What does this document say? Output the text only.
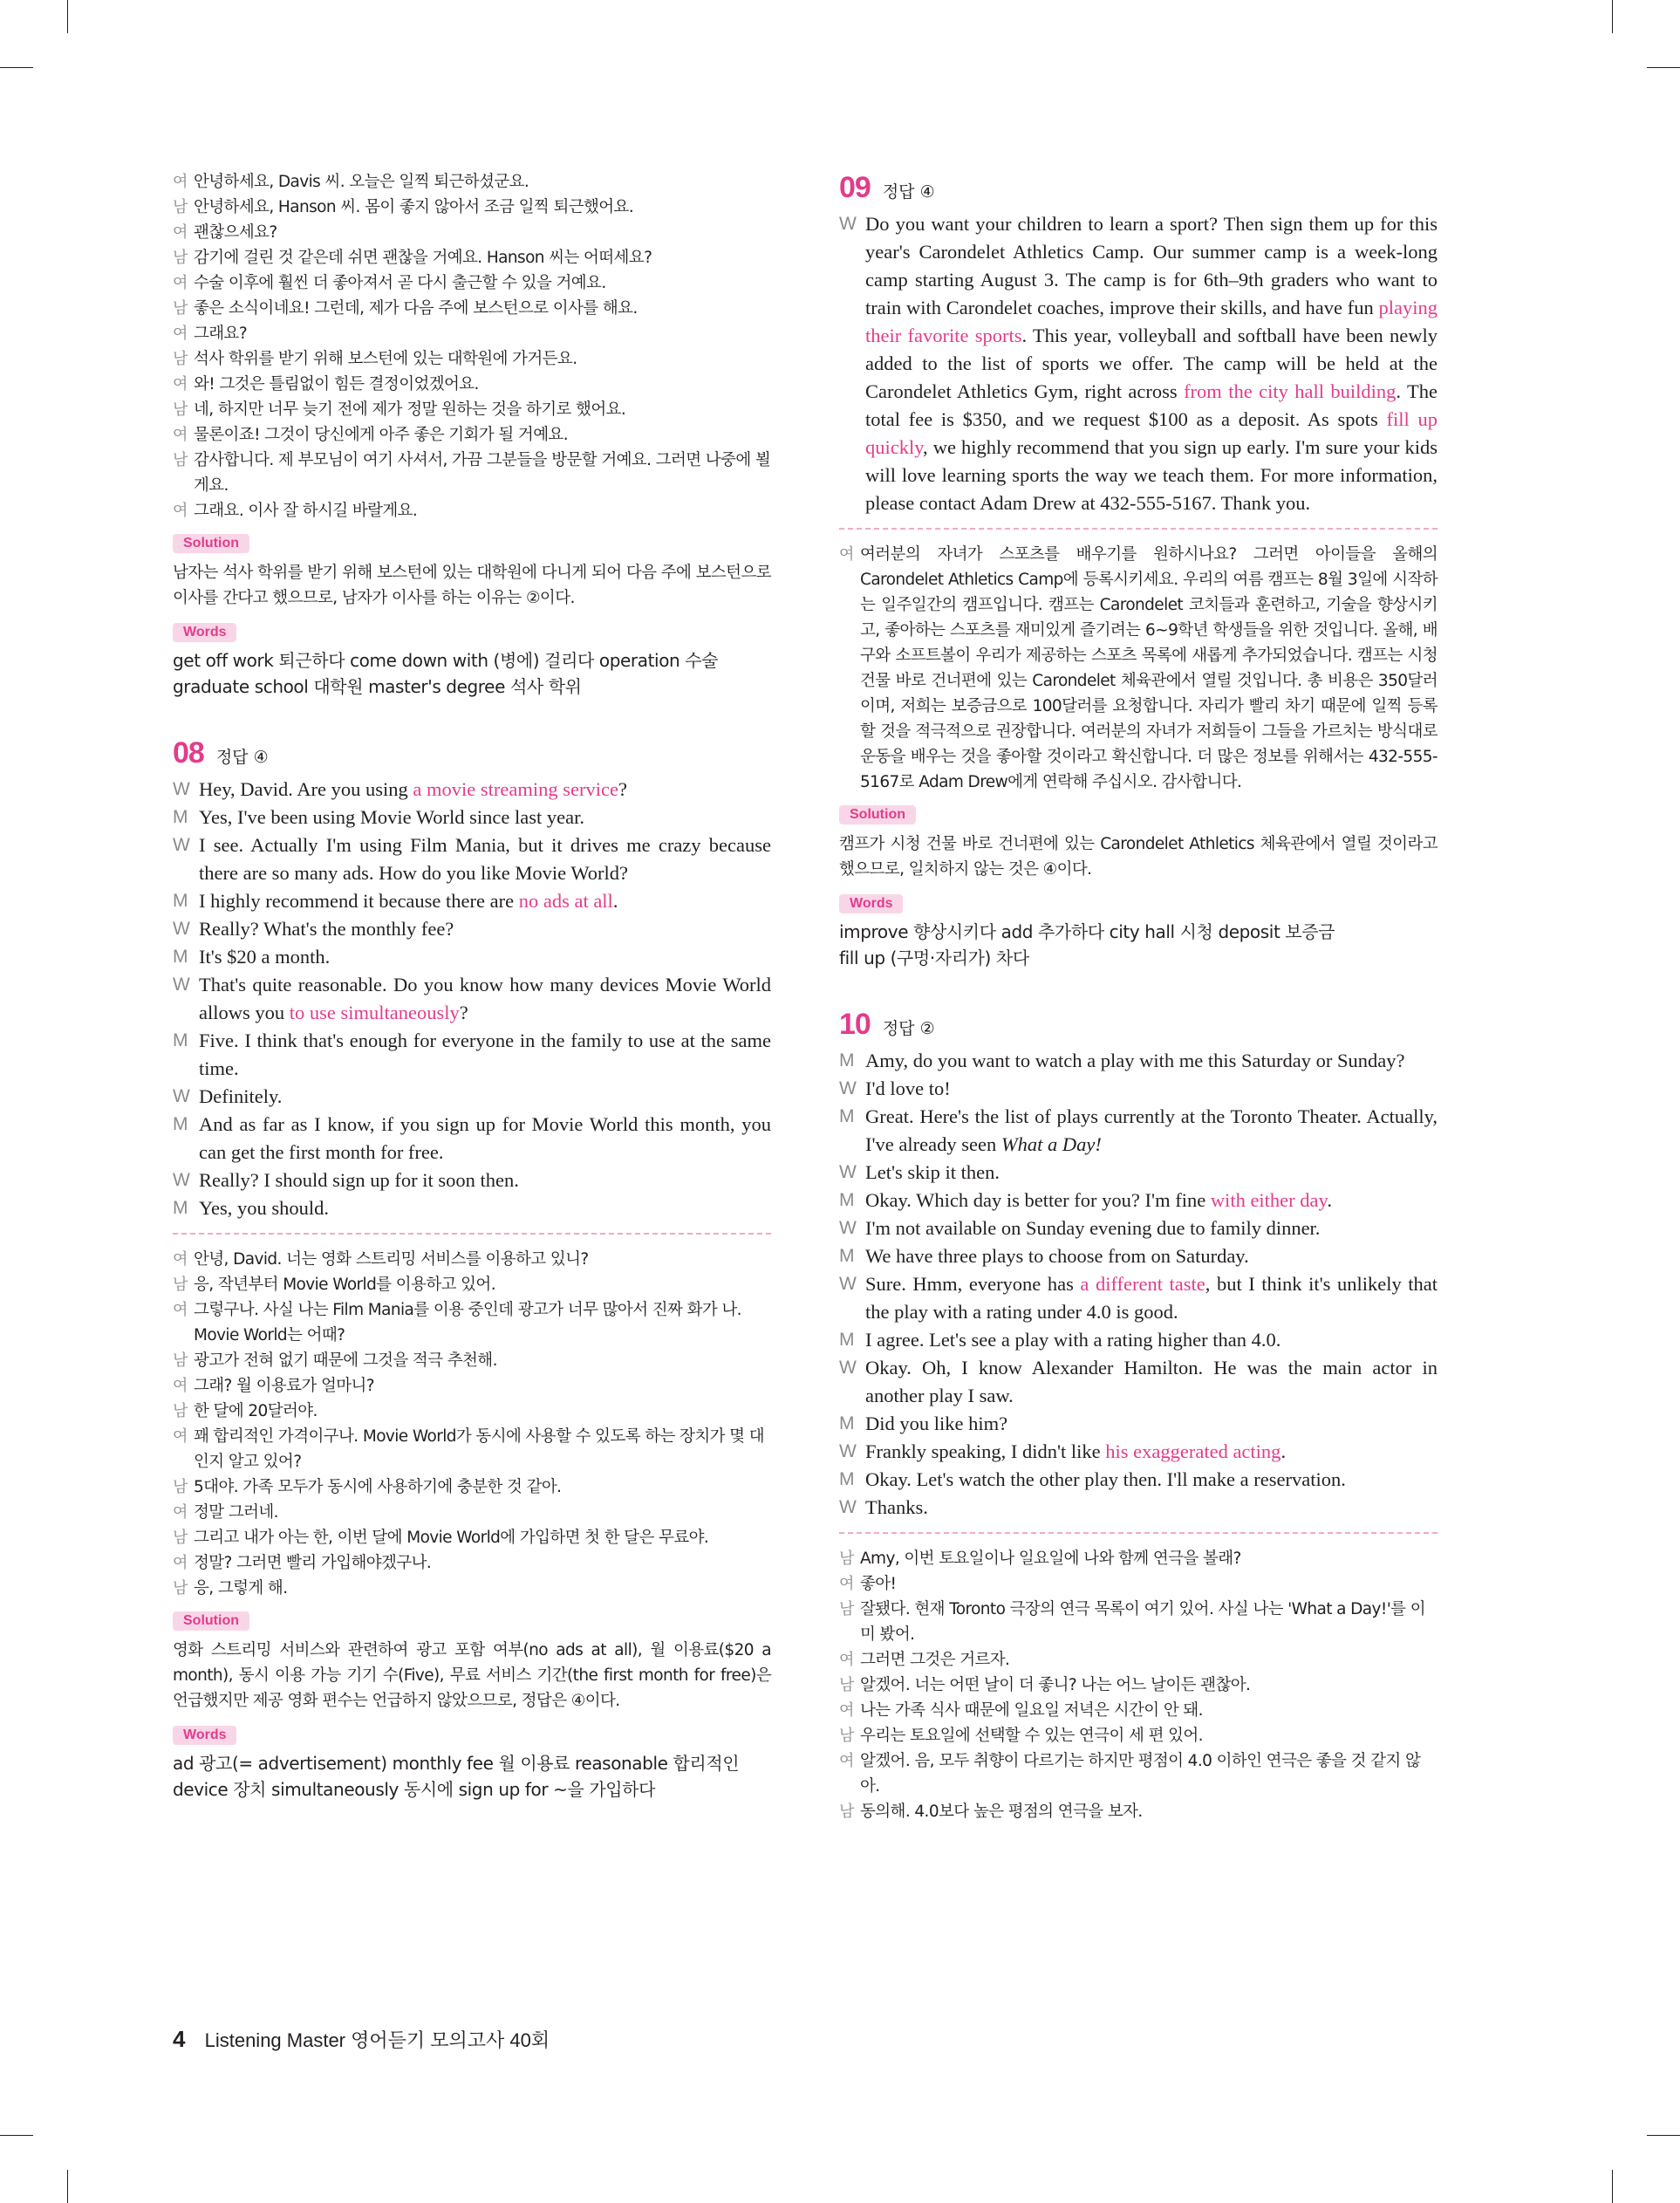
여 안녕하세요, Davis 씨. 오늘은 일찍 퇴근하셨군요.
남 안녕하세요, Hanson 씨. 몸이 좋지 않아서 조금 일찍 퇴근했어요.
여 괜찮으세요?
남 감기에 걸린 것 같은데 쉬면 괜찮을 거예요. Hanson 씨는 어떠세요?
여 수술 이후에 훨씬 더 좋아져서 곧 다시 출근할 수 있을 거예요.
남 좋은 소식이네요! 그런데, 제가 다음 주에 보스턴으로 이사를 해요.
여 그래요?
남 석사 학위를 받기 위해 보스턴에 있는 대학원에 가거든요.
여 와! 그것은 틀림없이 힘든 결정이었겠어요.
남 네, 하지만 너무 늦기 전에 제가 정말 원하는 것을 하기로 했어요.
여 물론이죠! 그것이 당신에게 아주 좋은 기회가 될 거예요.
남 감사합니다. 제 부모님이 여기 사셔서, 가끔 그분들을 방문할 거예요. 그러면 나중에 뵐게요.
여 그래요. 이사 잘 하시길 바랄게요.
Solution
남자는 석사 학위를 받기 위해 보스턴에 있는 대학원에 다니게 되어 다음 주에 보스턴으로 이사를 간다고 했으므로, 남자가 이사를 하는 이유는 ②이다.
Words
get off work 퇴근하다 come down with (병에) 걸리다 operation 수술
graduate school 대학원 master's degree 석사 학위
08 정답 ④
W Hey, David. Are you using a movie streaming service?
M Yes, I've been using Movie World since last year.
W I see. Actually I'm using Film Mania, but it drives me crazy because there are so many ads. How do you like Movie World?
M I highly recommend it because there are no ads at all.
W Really? What's the monthly fee?
M It's $20 a month.
W That's quite reasonable. Do you know how many devices Movie World allows you to use simultaneously?
M Five. I think that's enough for everyone in the family to use at the same time.
W Definitely.
M And as far as I know, if you sign up for Movie World this month, you can get the first month for free.
W Really? I should sign up for it soon then.
M Yes, you should.
여 안녕, David. 너는 영화 스트리밍 서비스를 이용하고 있니?
남 응, 작년부터 Movie World를 이용하고 있어.
여 그렇구나. 사실 나는 Film Mania를 이용 중인데 광고가 너무 많아서 진짜 화가 나. Movie World는 어때?
남 광고가 전혀 없기 때문에 그것을 적극 추천해.
여 그래? 월 이용료가 얼마니?
남 한 달에 20달러야.
여 꽤 합리적인 가격이구나. Movie World가 동시에 사용할 수 있도록 하는 장치가 몇 대인지 알고 있어?
남 5대야. 가족 모두가 동시에 사용하기에 충분한 것 같아.
여 정말 그러네.
남 그리고 내가 아는 한, 이번 달에 Movie World에 가입하면 첫 한 달은 무료야.
여 정말? 그러면 빨리 가입해야겠구나.
남 응, 그렇게 해.
Solution
영화 스트리밍 서비스와 관련하여 광고 포함 여부(no ads at all), 월 이용료($20 a month), 동시 이용 가능 기기 수(Five), 무료 서비스 기간(the first month for free)은 언급했지만 제공 영화 편수는 언급하지 않았으므로, 정답은 ④이다.
Words
ad 광고(= advertisement) monthly fee 월 이용료 reasonable 합리적인
device 장치 simultaneously 동시에 sign up for ~을 가입하다
09 정답 ④
W Do you want your children to learn a sport? Then sign them up for this year's Carondelet Athletics Camp. Our summer camp is a week-long camp starting August 3. The camp is for 6th–9th graders who want to train with Carondelet coaches, improve their skills, and have fun playing their favorite sports. This year, volleyball and softball have been newly added to the list of sports we offer. The camp will be held at the Carondelet Athletics Gym, right across from the city hall building. The total fee is $350, and we request $100 as a deposit. As spots fill up quickly, we highly recommend that you sign up early. I'm sure your kids will love learning sports the way we teach them. For more information, please contact Adam Drew at 432-555-5167. Thank you.
여 여러분의 자녀가 스포츠를 배우기를 원하시나요? 그러면 아이들을 올해의 Carondelet Athletics Camp에 등록시키세요. 우리의 여름 캠프는 8월 3일에 시작하는 일주일간의 캠프입니다. 캠프는 Carondelet 코치들과 훈련하고, 기술을 향상시키고, 좋아하는 스포츠를 재미있게 즐기려는 6~9학년 학생들을 위한 것입니다. 올해, 배구와 소프트볼이 우리가 제공하는 스포츠 목록에 새롭게 추가되었습니다. 캠프는 시청 건물 바로 건너편에 있는 Carondelet 체육관에서 열릴 것입니다. 총 비용은 350달러이며, 저희는 보증금으로 100달러를 요청합니다. 자리가 빨리 차기 때문에 일찍 등록할 것을 적극적으로 권장합니다. 여러분의 자녀가 저희들이 그들을 가르치는 방식대로 운동을 배우는 것을 좋아할 것이라고 확신합니다. 더 많은 정보를 위해서는 432-555-5167로 Adam Drew에게 연락해 주십시오. 감사합니다.
Solution
캠프가 시청 건물 바로 건너편에 있는 Carondelet Athletics 체육관에서 열릴 것이라고 했으므로, 일치하지 않는 것은 ④이다.
Words
improve 향상시키다 add 추가하다 city hall 시청 deposit 보증금
fill up (구멍·자리가) 차다
10 정답 ②
M Amy, do you want to watch a play with me this Saturday or Sunday?
W I'd love to!
M Great. Here's the list of plays currently at the Toronto Theater. Actually, I've already seen What a Day!
W Let's skip it then.
M Okay. Which day is better for you? I'm fine with either day.
W I'm not available on Sunday evening due to family dinner.
M We have three plays to choose from on Saturday.
W Sure. Hmm, everyone has a different taste, but I think it's unlikely that the play with a rating under 4.0 is good.
M I agree. Let's see a play with a rating higher than 4.0.
W Okay. Oh, I know Alexander Hamilton. He was the main actor in another play I saw.
M Did you like him?
W Frankly speaking, I didn't like his exaggerated acting.
M Okay. Let's watch the other play then. I'll make a reservation.
W Thanks.
남 Amy, 이번 토요일이나 일요일에 나와 함께 연극을 볼래?
여 좋아!
남 잘됐다. 현재 Toronto 극장의 연극 목록이 여기 있어. 사실 나는 'What a Day!'를 이미 봤어.
여 그러면 그것은 거르자.
남 알겠어. 너는 어떤 날이 더 좋니? 나는 어느 날이든 괜찮아.
여 나는 가족 식사 때문에 일요일 저녁은 시간이 안 돼.
남 우리는 토요일에 선택할 수 있는 연극이 세 편 있어.
여 알겠어. 음, 모두 취향이 다르기는 하지만 평점이 4.0 이하인 연극은 좋을 것 같지 않아.
남 동의해. 4.0보다 높은 평점의 연극을 보자.
4 Listening Master 영어듣기 모의고사 40회
